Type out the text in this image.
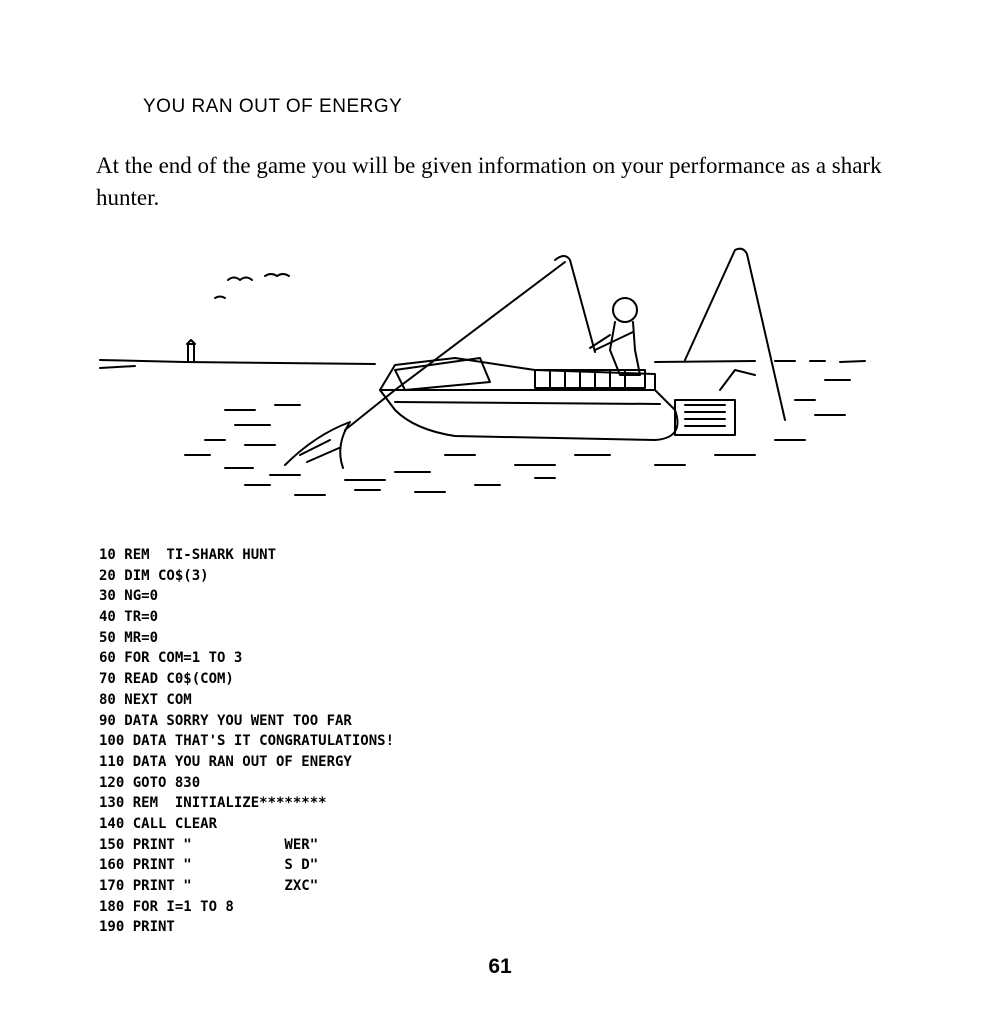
YOU RAN OUT OF ENERGY
At the end of the game you will be given information on your performance as a shark hunter.
10 REM  TI-SHARK HUNT
20 DIM CO$(3)
30 NG=0
40 TR=0
50 MR=0
60 FOR COM=1 TO 3
70 READ C0$(COM)
80 NEXT COM
90 DATA SORRY YOU WENT TOO FAR
100 DATA THAT'S IT CONGRATULATIONS!
110 DATA YOU RAN OUT OF ENERGY
120 GOTO 830
130 REM  INITIALIZE********
140 CALL CLEAR
150 PRINT "           WER"
160 PRINT "           S D"
170 PRINT "           ZXC"
180 FOR I=1 TO 8
190 PRINT
61
